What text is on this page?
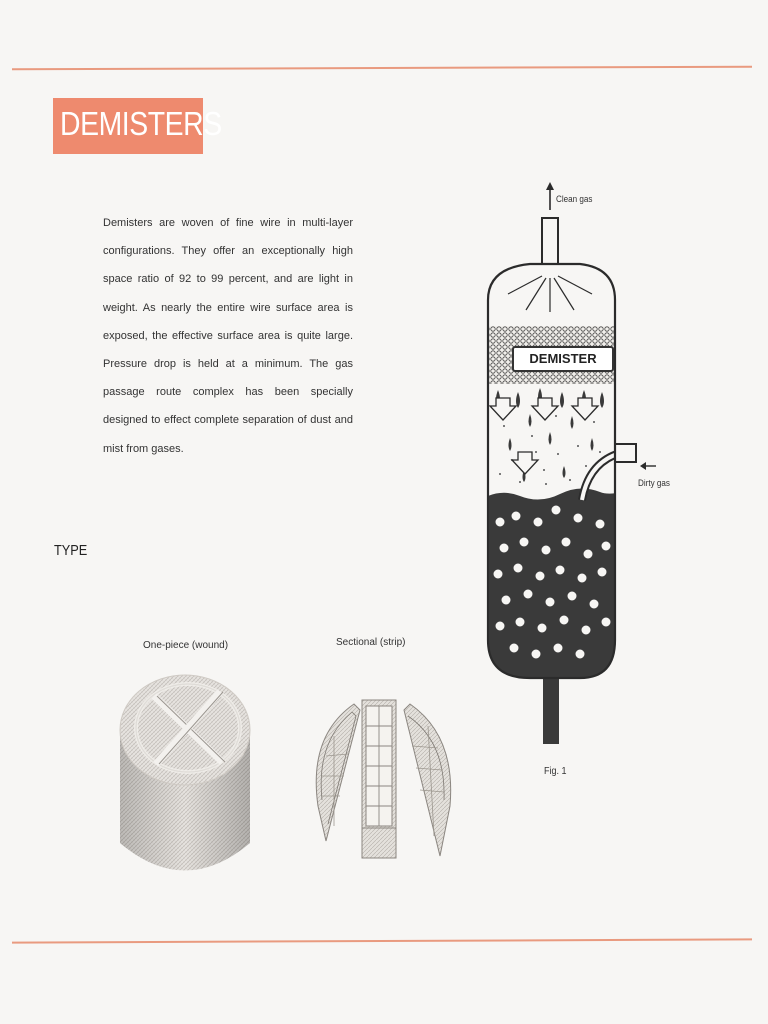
DEMISTERS
Demisters are woven of fine wire in multi-layer configurations. They offer an exceptionally high space ratio of 92 to 99 percent, and are light in weight. As nearly the entire wire surface area is exposed, the effective surface area is quite large. Pressure drop is held at a minimum. The gas passage route complex has been specially designed to effect complete separation of dust and mist from gases.
TYPE
One-piece (wound)	Sectional (strip)
Clean gas
Dirty gas
DEMISTER
Fig. 1
